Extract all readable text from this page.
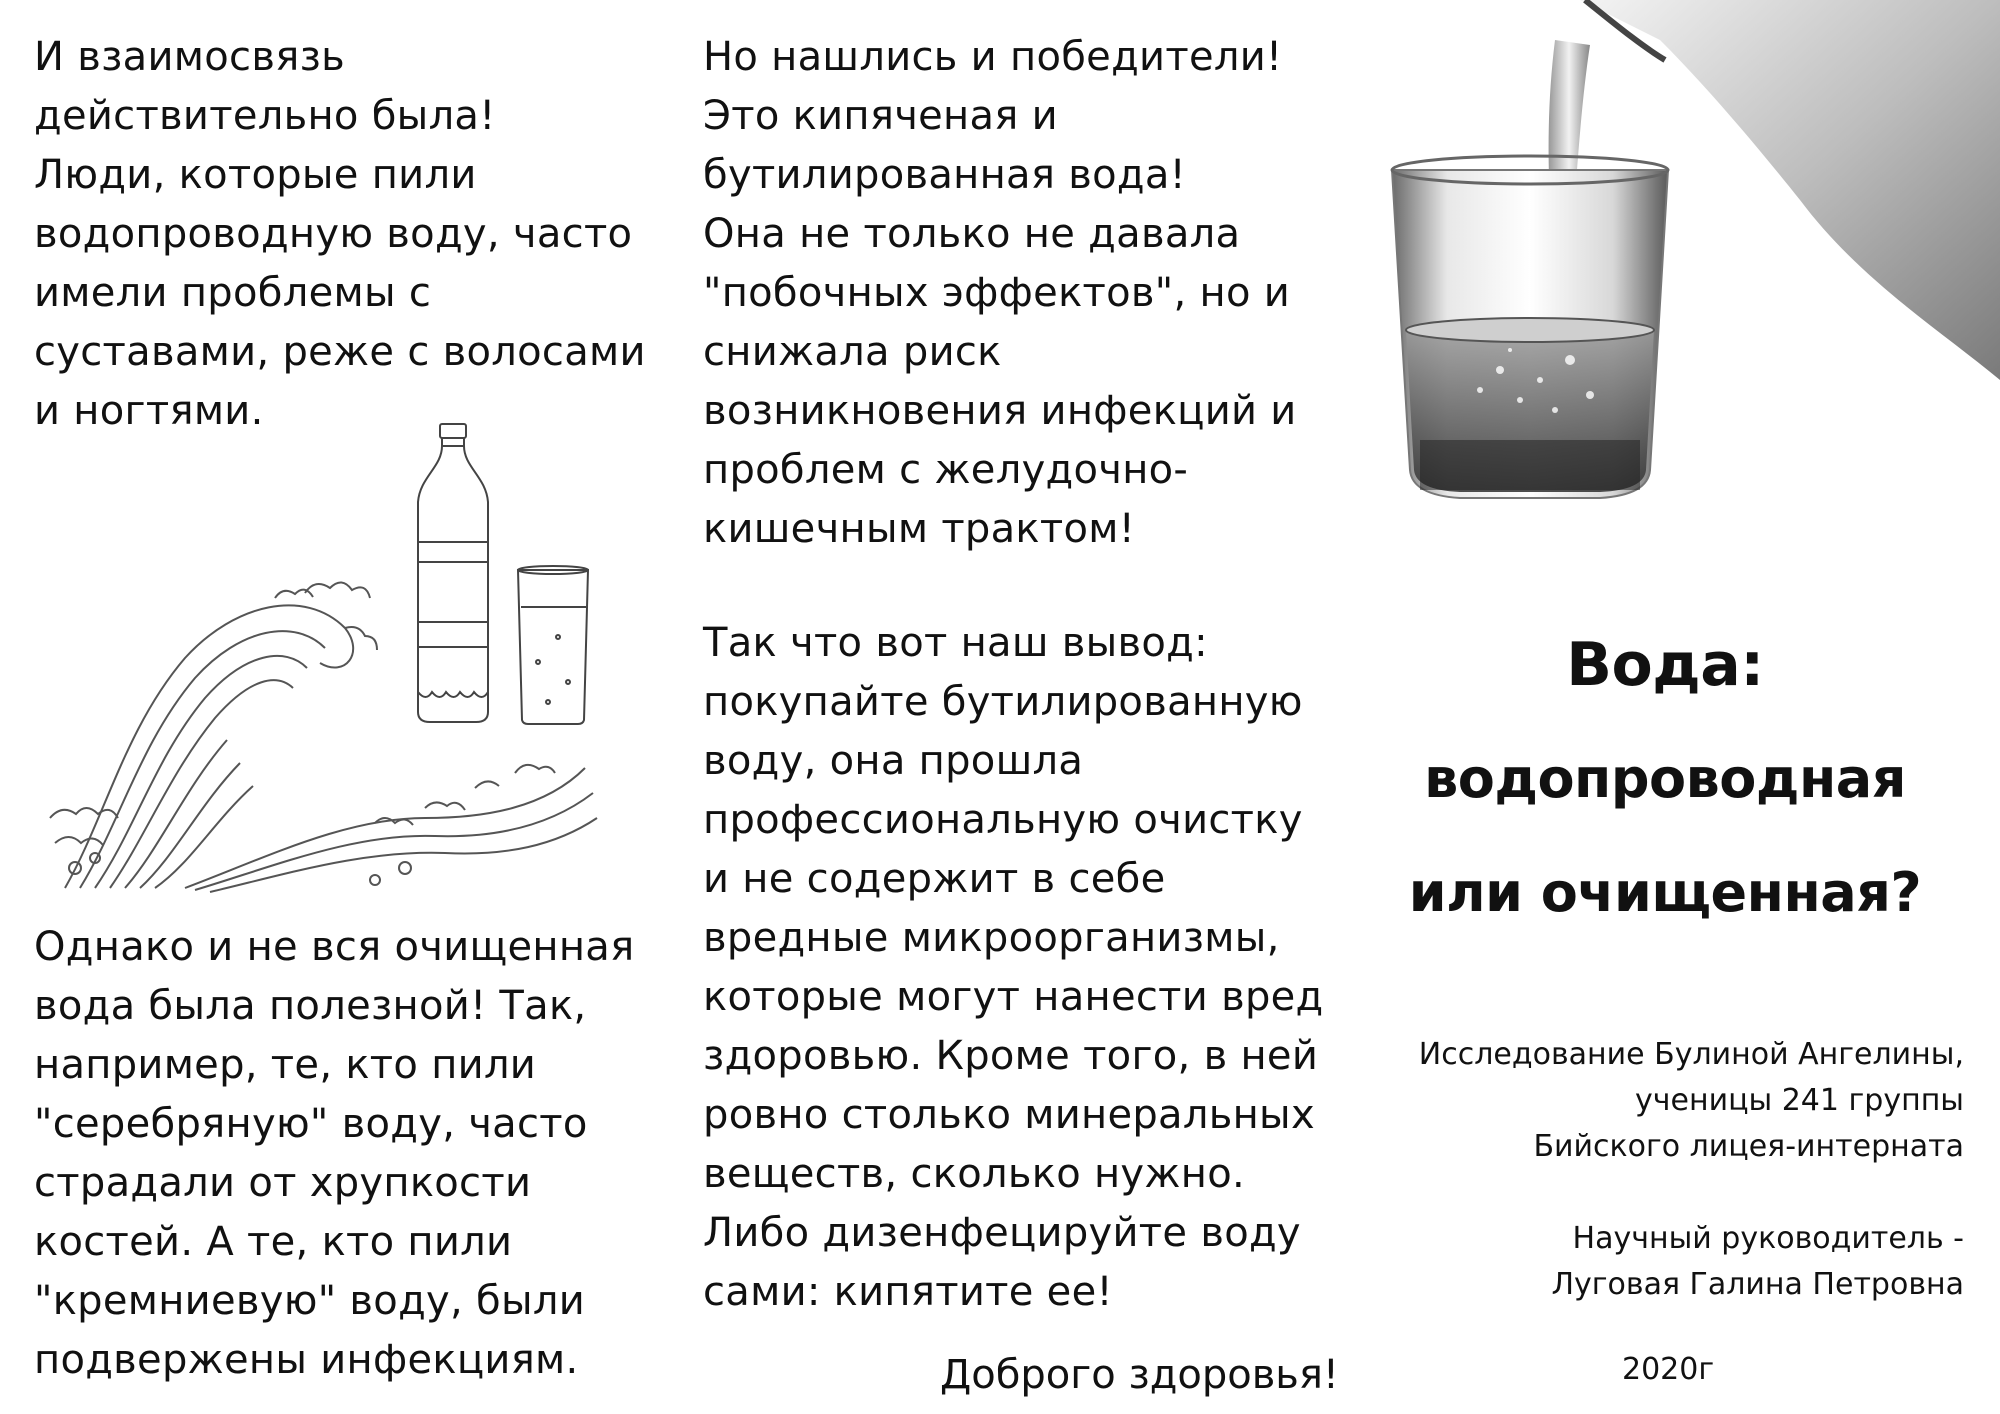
И взаимосвязь
действительно была!
Люди, которые пили
водопроводную воду, часто
имели проблемы с
суставами, реже с волосами
и ногтями.

Однако и не вся очищенная
вода была полезной! Так,
например, те, кто пили
"серебряную" воду, часто
страдали от хрупкости
костей. А те, кто пили
"кремниевую" воду, были
подвержены инфекциям.

Но нашлись и победители!
Это кипяченая и
бутилированная вода!
Она не только не давала
"побочных эффектов", но и
снижала риск
возникновения инфекций и
проблем с желудочно-
кишечным трактом!

Так что вот наш вывод:
покупайте бутилированную
воду, она прошла
профессиональную очистку
и не содержит в себе
вредные микроорганизмы,
которые могут нанести вред
здоровью. Кроме того, в ней
ровно столько минеральных
веществ, сколько нужно.
Либо дизенфецируйте воду
сами: кипятите ее!

Доброго здоровья!
Вода:
водопроводная
или очищенная?
Исследование Булиной Ангелины,
ученицы 241 группы
Бийского лицея-интерната
Научный руководитель -
Луговая Галина Петровна
2020г
